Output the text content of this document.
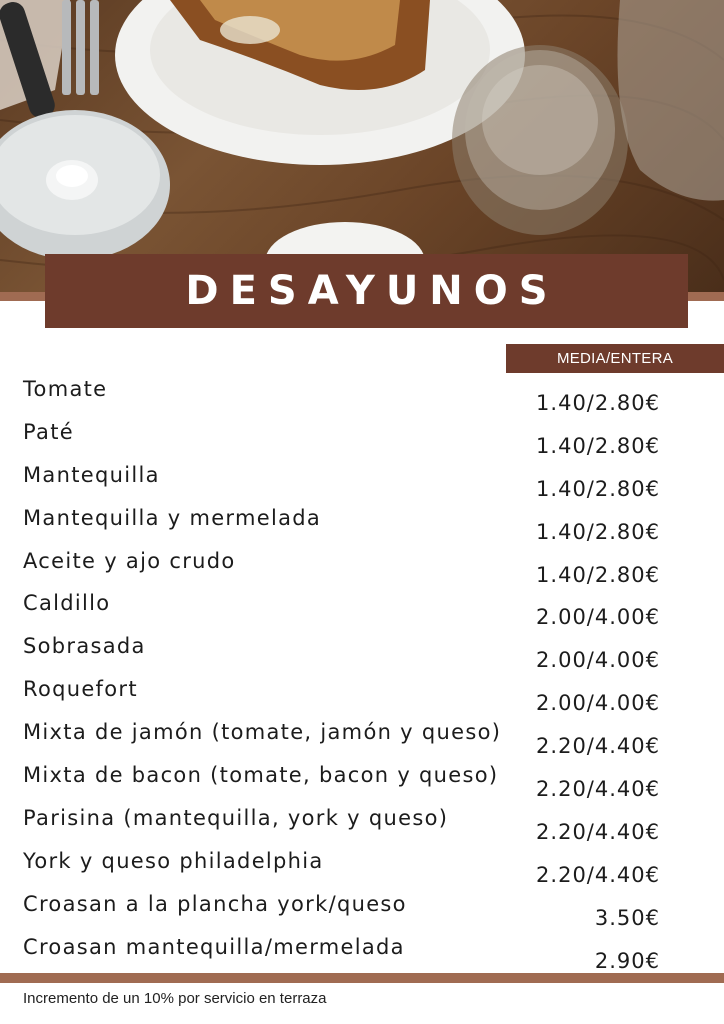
DESAYUNOS
MEDIA/ENTERA
Tomate
1.40/2.80€
Paté
1.40/2.80€
Mantequilla
1.40/2.80€
Mantequilla y mermelada
1.40/2.80€
Aceite y ajo crudo
1.40/2.80€
Caldillo
2.00/4.00€
Sobrasada
2.00/4.00€
Roquefort
2.00/4.00€
Mixta de jamón (tomate, jamón y queso)
2.20/4.40€
Mixta de bacon (tomate, bacon y queso)
2.20/4.40€
Parisina (mantequilla, york y queso)
2.20/4.40€
York y queso philadelphia
2.20/4.40€
Croasan a la plancha york/queso
3.50€
Croasan mantequilla/mermelada
2.90€
Incremento de un 10% por servicio en terraza
